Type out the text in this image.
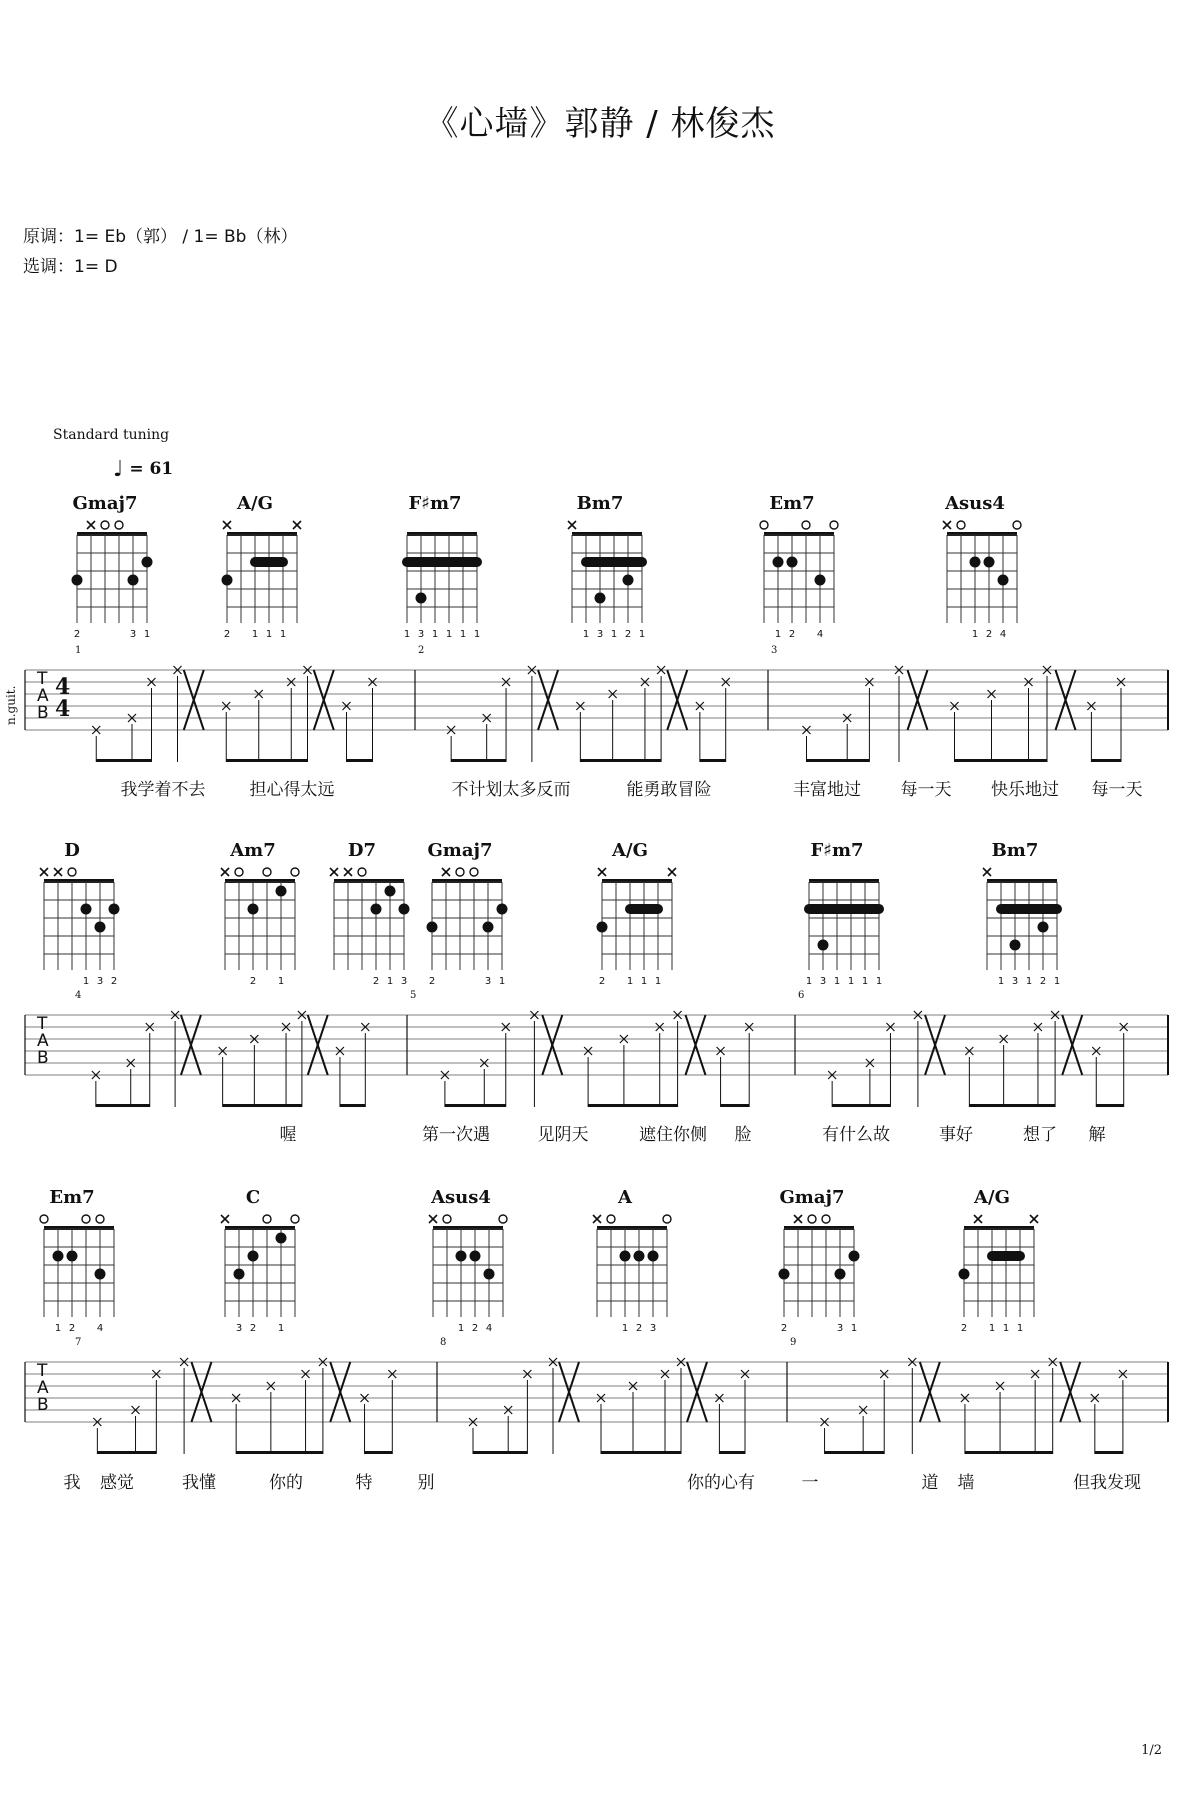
《心墙》郭静 / 林俊杰
原调：1= Eb（郭） / 1= Bb（林）
选调：1= D
Standard tuning
♩ = 61
n.guit.
Gmaj7
2	3 1
A/G
2 1 1 1
F♯m7
1 3 1 1 1 1
Bm7
1 3 1 2 1
Em7
1 2 4
Asus4
1 2 4
T
A
B
4
4
1	2	3
我学着不去	担心得太远	不计划太多反而	能勇敢冒险	丰富地过 每一天 快乐地过 每一天
D
1 3 2
Am7
2 1
D7
2 1 3
Gmaj7
2	3 1
A/G
2 1 1 1
F♯m7
1 3 1 1 1 1
Bm7
1 3 1 2 1
T
A
B
4	5	6
喔	第一次遇	见阴天	遮住你侧 脸	有什么故	事好	想了 解
Em7
1 2 4
C
3 2 1
Asus4
1 2 4
A
1 2 3
Gmaj7
2	3 1
A/G
2 1 1 1
T
A
B
7	8	9
我 感觉	我懂	你的	特	别	你的心有	一	道 墙	但我发现
1/2
